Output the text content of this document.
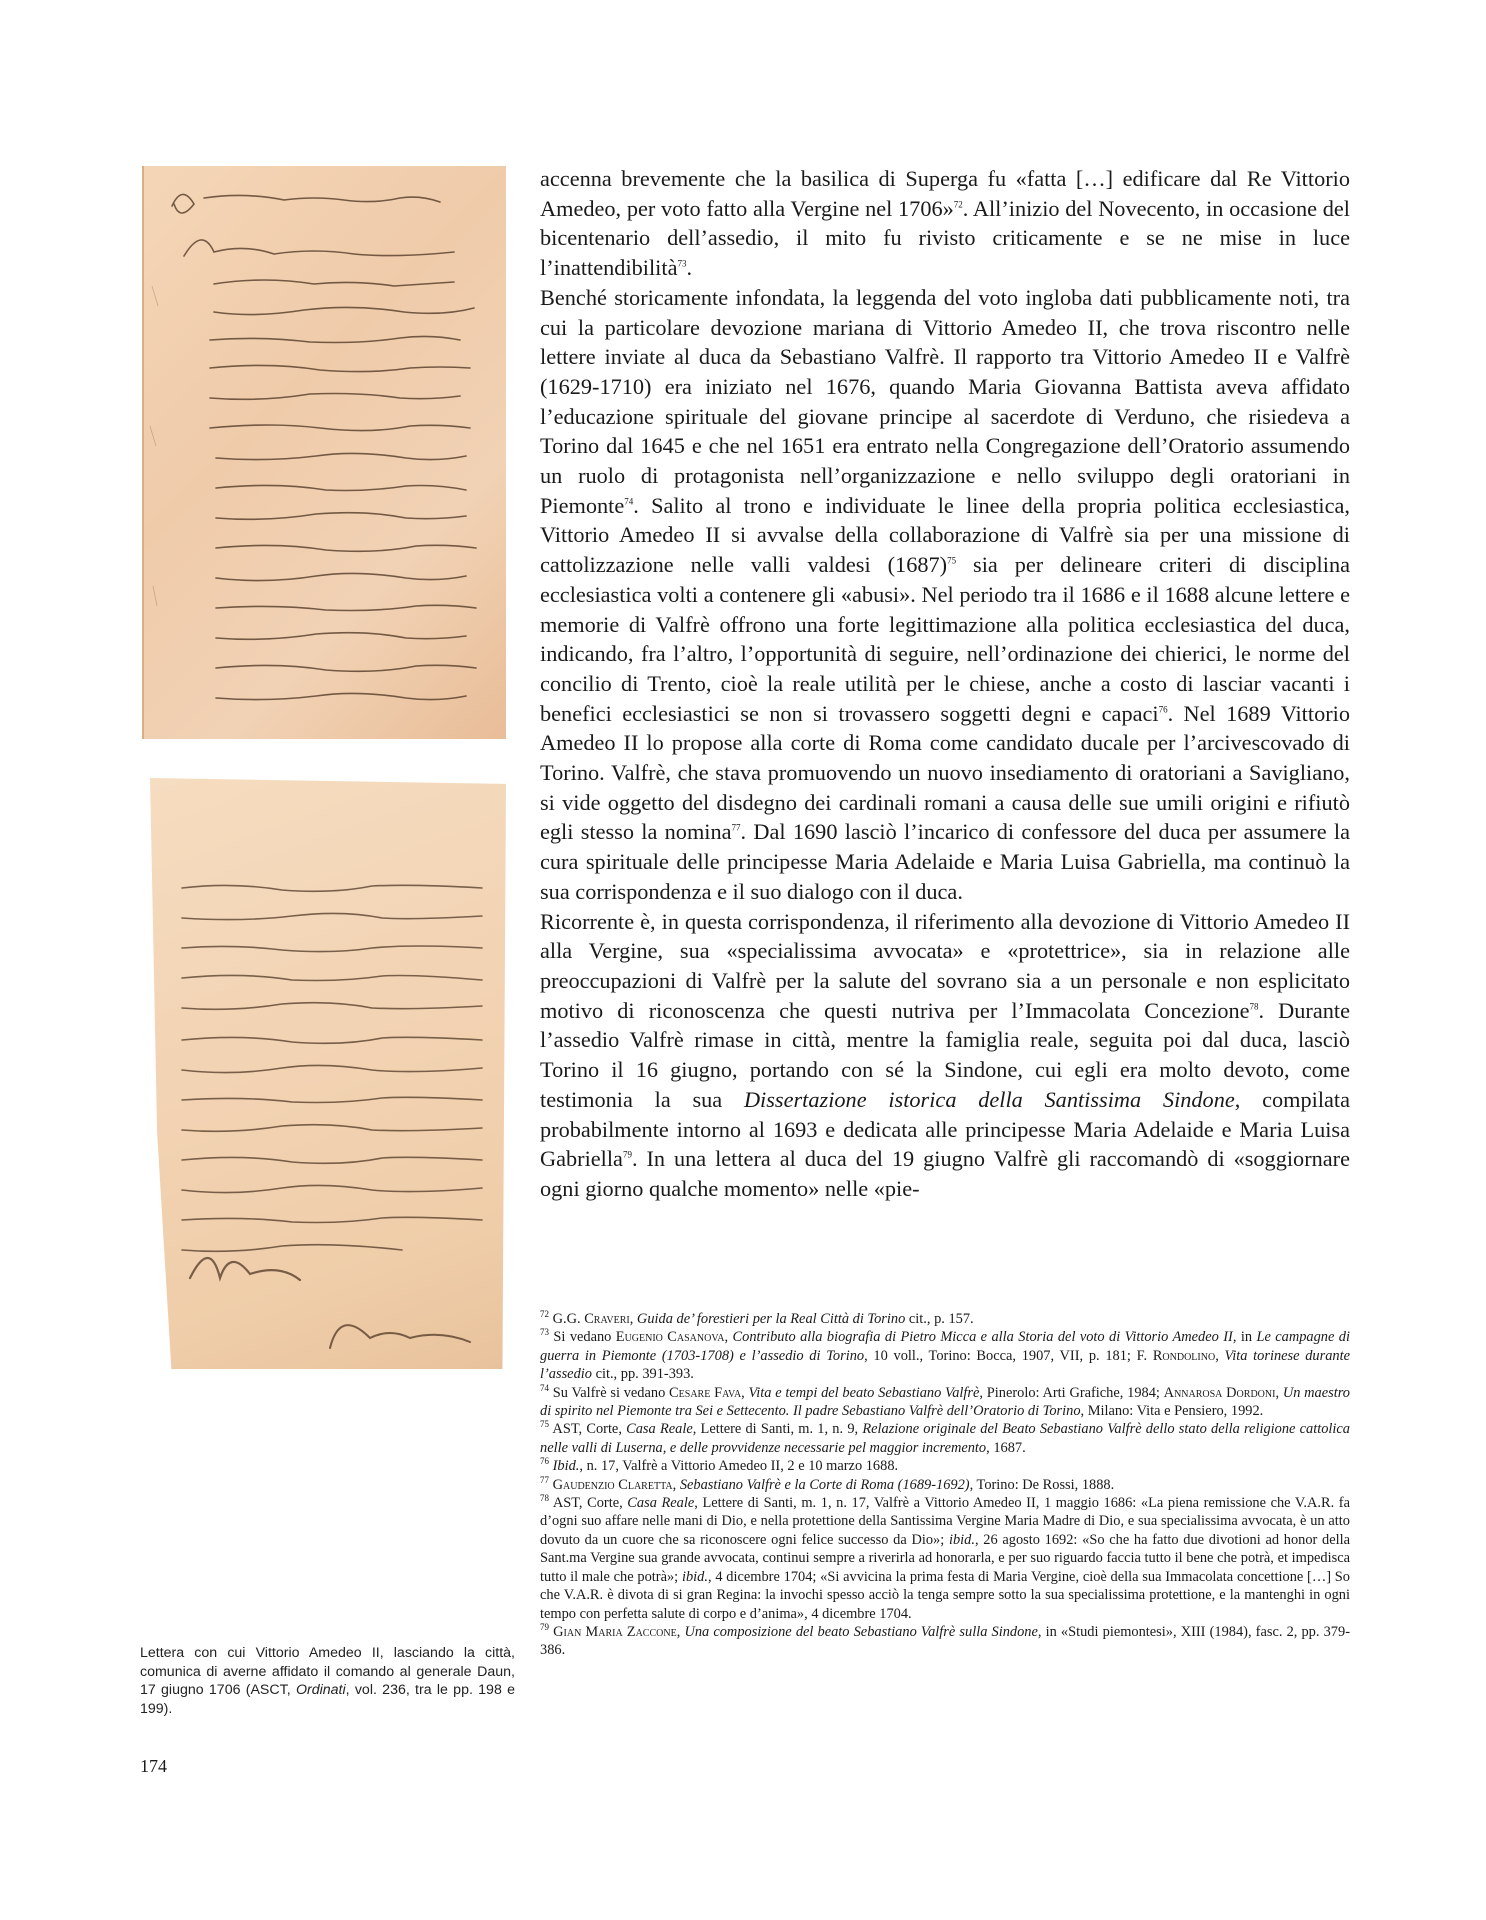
Lettera con cui Vittorio Amedeo II, lasciando la città, comunica di averne affidato il comando al generale Daun, 17 giugno 1706 (ASCT, Ordinati, vol. 236, tra le pp. 198 e 199).

accenna brevemente che la basilica di Superga fu «fatta […] edificare dal Re Vittorio Amedeo, per voto fatto alla Vergine nel 1706»$^{72}$. All’inizio del Novecento, in occasione del bicentenario dell’assedio, il mito fu rivisto criticamente e se ne mise in luce l’inattendibilità$^{73}$.

Benché storicamente infondata, la leggenda del voto ingloba dati pubblicamente noti, tra cui la particolare devozione mariana di Vittorio Amedeo II, che trova riscontro nelle lettere inviate al duca da Sebastiano Valfrè. Il rapporto tra Vittorio Amedeo II e Valfrè (1629-1710) era iniziato nel 1676, quando Maria Giovanna Battista aveva affidato l’educazione spirituale del giovane principe al sacerdote di Verduno, che risiedeva a Torino dal 1645 e che nel 1651 era entrato nella Congregazione dell’Oratorio assumendo un ruolo di protagonista nell’organizzazione e nello sviluppo degli oratoriani in Piemonte$^{74}$. Salito al trono e individuate le linee della propria politica ecclesiastica, Vittorio Amedeo II si avvalse della collaborazione di Valfrè sia per una missione di cattolizzazione nelle valli valdesi $(1687)^{75}$ sia per delineare criteri di disciplina ecclesiastica volti a contenere gli «abusi». Nel periodo tra il 1686 e il 1688 alcune lettere e memorie di Valfrè offrono una forte legittimazione alla politica ecclesiastica del duca, indicando, fra l’altro, l’opportunità di seguire, nell’ordinazione dei chierici, le norme del concilio di Trento, cioè la reale utilità per le chiese, anche a costo di lasciar vacanti i benefici ecclesiastici se non si trovassero soggetti degni e capaci$^{76}$. Nel 1689 Vittorio Amedeo II lo propose alla corte di Roma come candidato ducale per l’arcivescovado di Torino. Valfrè, che stava promuovendo un nuovo insediamento di oratoriani a Savigliano, si vide oggetto del disdegno dei cardinali romani a causa delle sue umili origini e rifiutò egli stesso la nomina$^{77}$. Dal 1690 lasciò l’incarico di confessore del duca per assumere la cura spirituale delle principesse Maria Adelaide e Maria Luisa Gabriella, ma continuò la sua corrispondenza e il suo dialogo con il duca.

Ricorrente è, in questa corrispondenza, il riferimento alla devozione di Vittorio Amedeo II alla Vergine, sua «specialissima avvocata» e «protettrice», sia in relazione alle preoccupazioni di Valfrè per la salute del sovrano sia a un personale e non esplicitato motivo di riconoscenza che questi nutriva per l’Immacolata Concezione$^{78}$. Durante l’assedio Valfrè rimase in città, mentre la famiglia reale, seguita poi dal duca, lasciò Torino il 16 giugno, portando con sé la Sindone, cui egli era molto devoto, come testimonia la sua Dissertazione istorica della Santissima Sindone, compilata probabilmente intorno al 1693 e dedicata alle principesse Maria Adelaide e Maria Luisa Gabriella$^{79}$. In una lettera al duca del 19 giugno Valfrè gli raccomandò di «soggiornare ogni giorno qualche momento» nelle «pie-

$^{72}$ G.G. Craveri, Guida de’ forestieri per la Real Città di Torino cit., p. 157.

$^{73}$ Si vedano Eugenio Casanova, Contributo alla biografia di Pietro Micca e alla Storia del voto di Vittorio Amedeo II, in Le campagne di guerra in Piemonte (1703-1708) e l’assedio di Torino, 10 voll., Torino: Bocca, 1907, VII, p. 181; F. Rondolino, Vita torinese durante l’assedio cit., pp. 391-393.

$^{74}$ Su Valfrè si vedano Cesare Fava, Vita e tempi del beato Sebastiano Valfrè, Pinerolo: Arti Grafiche, 1984; Annarosa Dordoni, Un maestro di spirito nel Piemonte tra Sei e Settecento. Il padre Sebastiano Valfrè dell’Oratorio di Torino, Milano: Vita e Pensiero, 1992.

$^{75}$ AST, Corte, Casa Reale, Lettere di Santi, m. 1, n. 9, Relazione originale del Beato Sebastiano Valfrè dello stato della religione cattolica nelle valli di Luserna, e delle provvidenze necessarie pel maggior incremento, 1687.

$^{76}$ Ibid., n. 17, Valfrè a Vittorio Amedeo II, 2 e 10 marzo 1688.

$^{77}$ Gaudenzio Claretta, Sebastiano Valfrè e la Corte di Roma (1689-1692), Torino: De Rossi, 1888.

$^{78}$ AST, Corte, Casa Reale, Lettere di Santi, m. 1, n. 17, Valfrè a Vittorio Amedeo II, 1 maggio 1686: «La piena remissione che V.A.R. fa d’ogni suo affare nelle mani di Dio, e nella protettione della Santissima Vergine Maria Madre di Dio, e sua specialissima avvocata, è un atto dovuto da un cuore che sa riconoscere ogni felice successo da Dio»; ibid., 26 agosto 1692: «So che ha fatto due divotioni ad honor della Sant.ma Vergine sua grande avvocata, continui sempre a riverirla ad honorarla, e per suo riguardo faccia tutto il bene che potrà, et impedisca tutto il male che potrà»; ibid., 4 dicembre 1704; «Si avvicina la prima festa di Maria Vergine, cioè della sua Immacolata concettione […] So che V.A.R. è divota di si gran Regina: la invochi spesso acciò la tenga sempre sotto la sua specialissima protettione, e la mantenghi in ogni tempo con perfetta salute di corpo e d’anima», 4 dicembre 1704.

$^{79}$ Gian Maria Zaccone, Una composizione del beato Sebastiano Valfrè sulla Sindone, in «Studi piemontesi», XIII (1984), fasc. 2, pp. 379-386.

174
